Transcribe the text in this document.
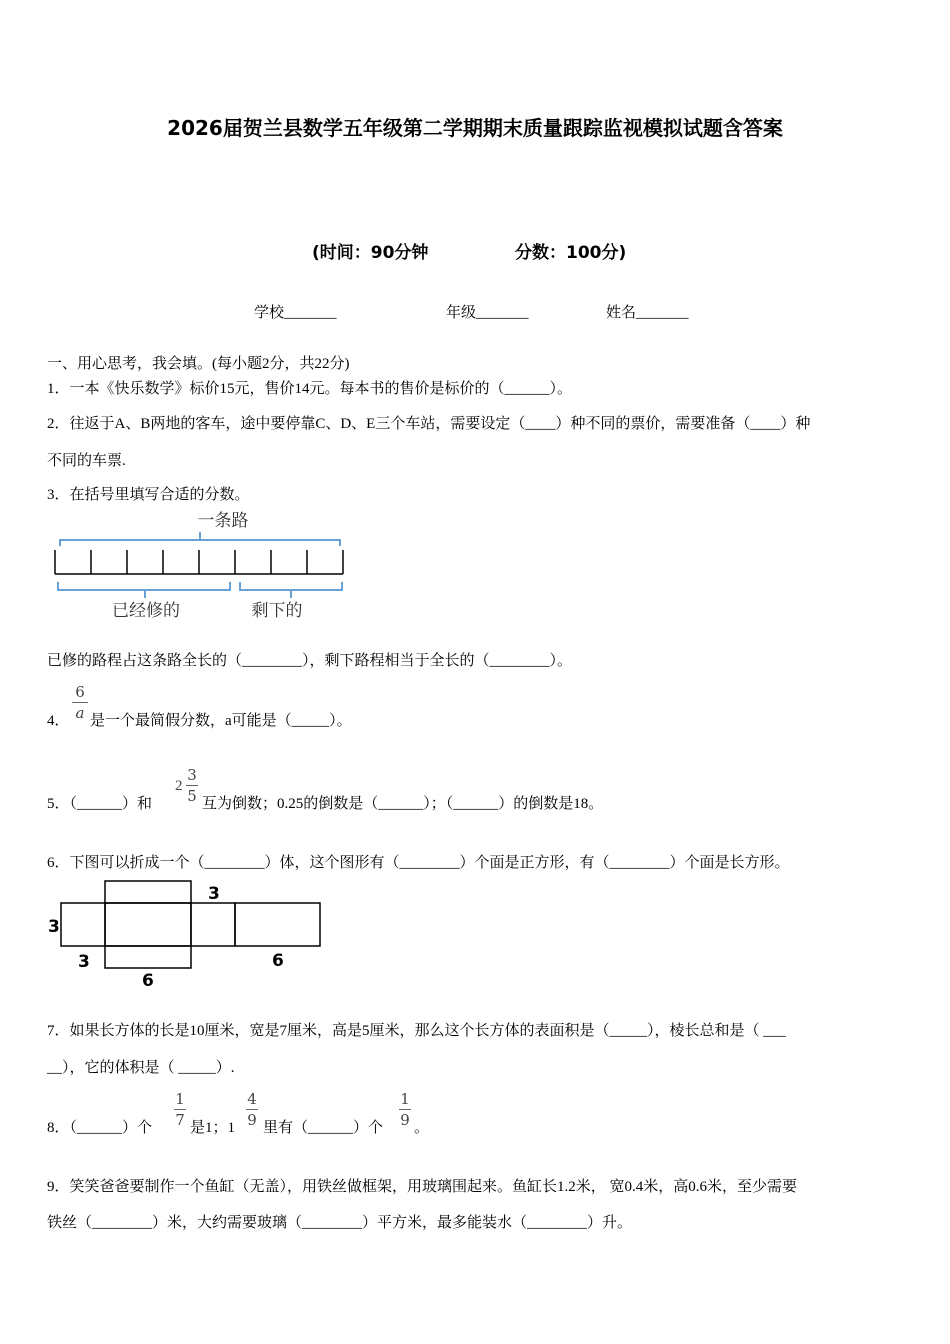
2026届贺兰县数学五年级第二学期期末质量跟踪监视模拟试题含答案
(时间：90分钟	分数：100分)
学校_______	年级_______	姓名_______
一、用心思考，我会填。(每小题2分，共22分)
1．一本《快乐数学》标价15元，售价14元。每本书的售价是标价的（______）。
2．往返于A、B两地的客车，途中要停靠C、D、E三个车站，需要设定（____）种不同的票价，需要准备（____）种
不同的车票.
3．在括号里填写合适的分数。
一条路
已经修的	剩下的
已修的路程占这条路全长的（________），剩下路程相当于全长的（________）。
4．
6
a 是一个最简假分数，a可能是（_____）。
5．（______）和
2
3
5 互为倒数；0.25的倒数是（______）；（______）的倒数是18。
6．下图可以折成一个（________）体，这个图形有（________）个面是正方形，有（________）个面是长方形。
3
3
3
6
6
7．如果长方体的长是10厘米，宽是7厘米，高是5厘米，那么这个长方体的表面积是（_____），棱长总和是（ ___
__），它的体积是（ _____）.
8．（______）个
1
7 是1；1
4
9 里有（______）个
1
9 。
9．笑笑爸爸要制作一个鱼缸（无盖），用铁丝做框架，用玻璃围起来。鱼缸长1.2米， 宽0.4米，高0.6米，至少需要
铁丝（________）米，大约需要玻璃（________）平方米，最多能装水（________）升。
